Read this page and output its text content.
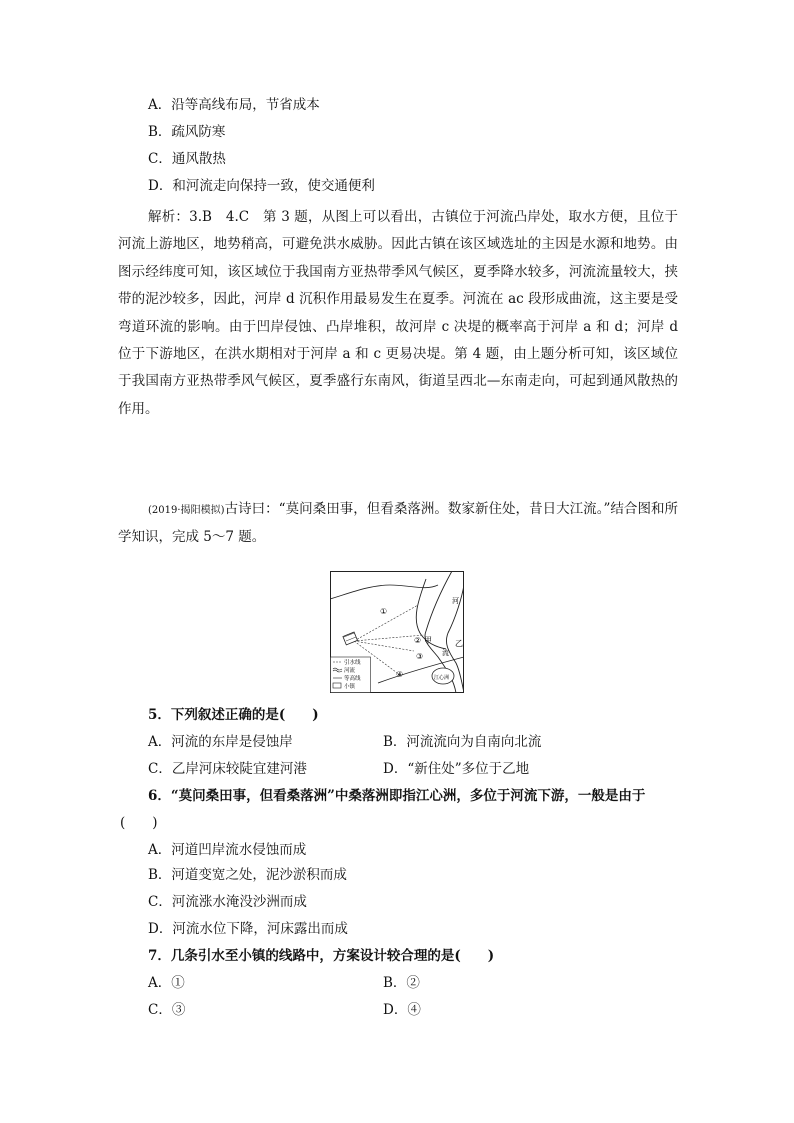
A．沿等高线布局，节省成本
B．疏风防寒
C．通风散热
D．和河流走向保持一致，使交通便利
解析：3.B　4.C　第 3 题，从图上可以看出，古镇位于河流凸岸处，取水方便，且位于河流上游地区，地势稍高，可避免洪水威胁。因此古镇在该区域选址的主因是水源和地势。由图示经纬度可知，该区域位于我国南方亚热带季风气候区，夏季降水较多，河流流量较大，挟带的泥沙较多，因此，河岸 d 沉积作用最易发生在夏季。河流在 ac 段形成曲流，这主要是受弯道环流的影响。由于凹岸侵蚀、凸岸堆积，故河岸 c 决堤的概率高于河岸 a 和 d；河岸 d 位于下游地区，在洪水期相对于河岸 a 和 c 更易决堤。第 4 题，由上题分析可知，该区域位于我国南方亚热带季风气候区，夏季盛行东南风，街道呈西北—东南走向，可起到通风散热的作用。
(2019·揭阳模拟)古诗曰：“莫问桑田事，但看桑落洲。数家新住处，昔日大江流。”结合图和所学知识，完成 5～7 题。
①
②
③
④
甲	乙
河
流
江心洲
引水线
河流
等高线
小镇
5．下列叙述正确的是(　　)
A．河流的东岸是侵蚀岸	B．河流流向为自南向北流
C．乙岸河床较陡宜建河港	D．“新住处”多位于乙地
6．“莫问桑田事，但看桑落洲”中桑落洲即指江心洲，多位于河流下游，一般是由于
(　　)
A．河道凹岸流水侵蚀而成
B．河道变宽之处，泥沙淤积而成
C．河流涨水淹没沙洲而成
D．河流水位下降，河床露出而成
7．几条引水至小镇的线路中，方案设计较合理的是(　　)
A．①	B．②
C．③	D．④
